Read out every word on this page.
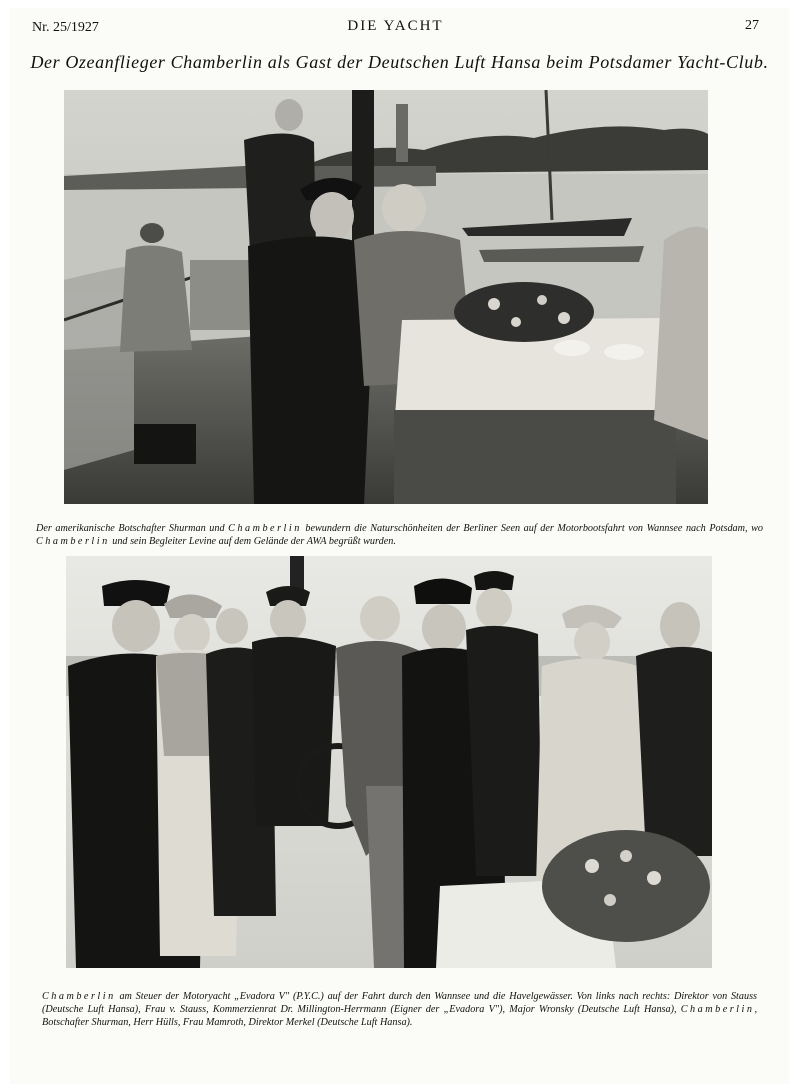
Nr. 25/1927	DIE YACHT	27
Der Ozeanflieger Chamberlin als Gast der Deutschen Luft Hansa beim Potsdamer Yacht-Club.

Der amerikanische Botschafter Shurman und Chamberlin bewundern die Naturschönheiten der Berliner Seen auf der Motorbootsfahrt von Wannsee nach Potsdam, wo Chamberlin und sein Begleiter Levine auf dem Gelände der AWA begrüßt wurden.

Chamberlin am Steuer der Motoryacht „Evadora V" (P.Y.C.) auf der Fahrt durch den Wannsee und die Havelgewässer. Von links nach rechts: Direktor von Stauss (Deutsche Luft Hansa), Frau v. Stauss, Kommerzienrat Dr. Millington-Herrmann (Eigner der „Evadora V"), Major Wronsky (Deutsche Luft Hansa), Chamberlin, Botschafter Shurman, Herr Hülls, Frau Mamroth, Direktor Merkel (Deutsche Luft Hansa).
